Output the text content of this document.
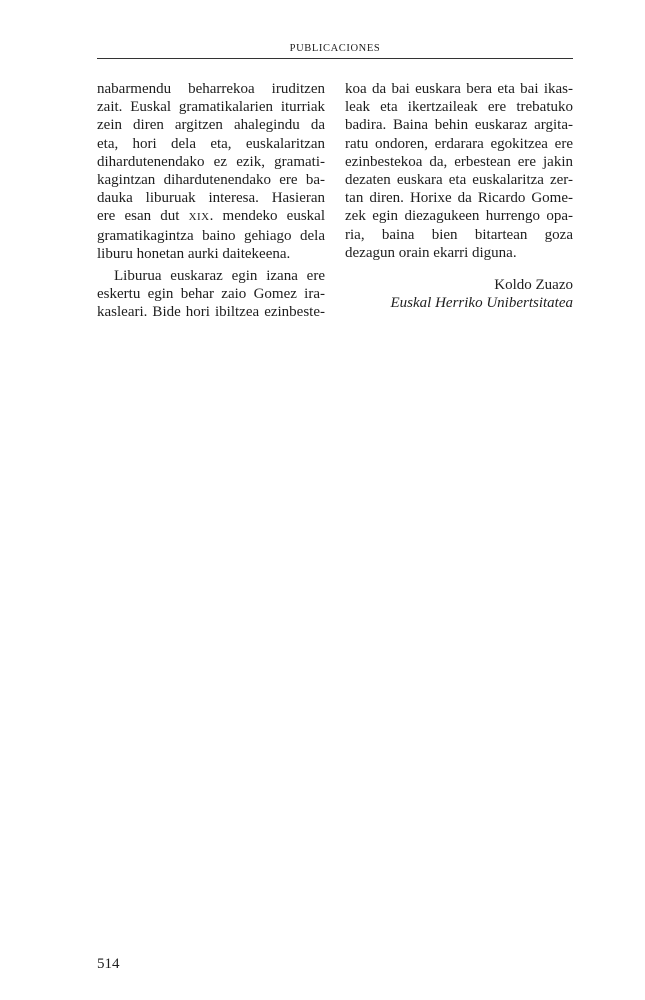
PUBLICACIONES
nabarmendu beharrekoa iruditzen
zait. Euskal gramatikalarien iturriak
zein diren argitzen ahalegindu da
eta, hori dela eta, euskalaritzan
dihardutenendako ez ezik, gramati-
kagintzan dihardutenendako ere ba-
dauka liburuak interesa. Hasieran
ere esan dut XIX. mendeko euskal
gramatikagintza baino gehiago dela
liburu honetan aurki daitekeena.
Liburua euskaraz egin izana ere
eskertu egin behar zaio Gomez ira-
kasleari. Bide hori ibiltzea ezinbeste-
koa da bai euskara bera eta bai ikas-
leak eta ikertzaileak ere trebatuko
badira. Baina behin euskaraz argita-
ratu ondoren, erdarara egokitzea ere
ezinbestekoa da, erbestean ere jakin
dezaten euskara eta euskalaritza zer-
tan diren. Horixe da Ricardo Gome-
zek egin diezagukeen hurrengo opa-
ria, baina bien bitartean goza
dezagun orain ekarri diguna.
Koldo Zuazo
Euskal Herriko Unibertsitatea
514
